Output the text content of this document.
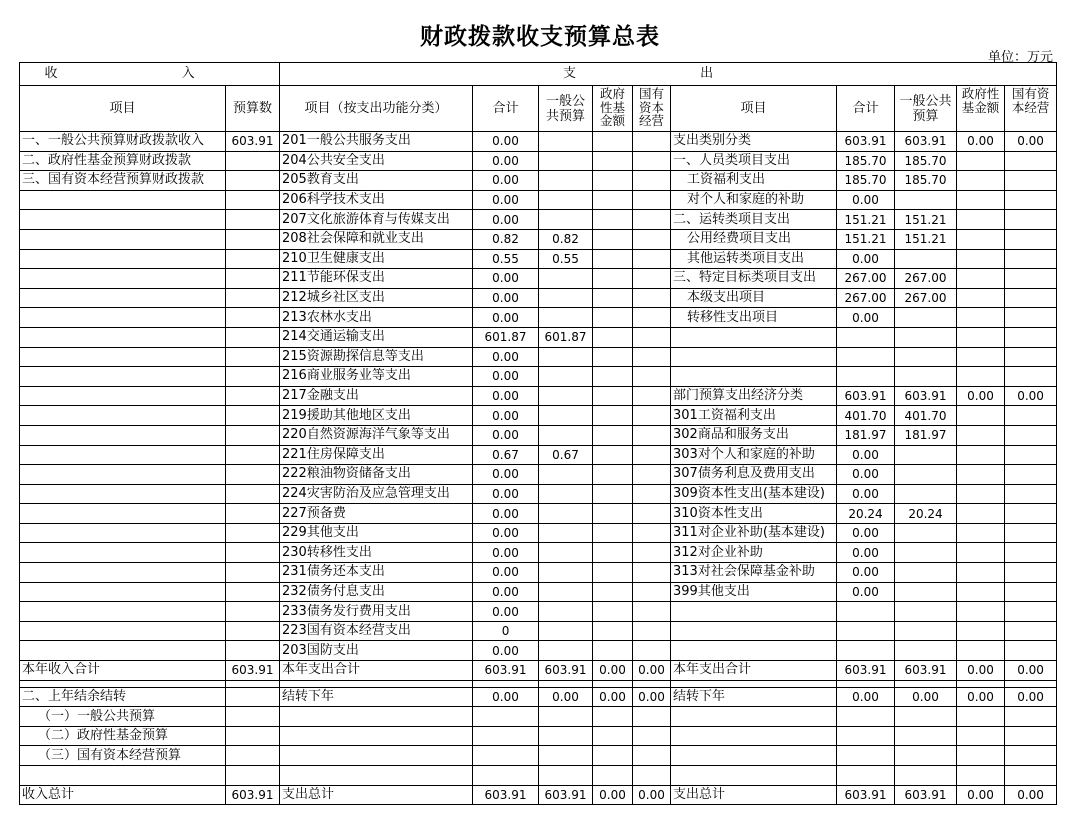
财政拨款收支预算总表
单位：万元
收 入		支 出									
项目	预算数	项目（按支出功能分类）	合计	一般公共预算	政府性基金额	国有资本经营	项目	合计	一般公共预算	政府性基金额	国有资本经营
一、一般公共预算财政拨款收入	603.91	201一般公共服务支出	0.00				支出类别分类	603.91	603.91	0.00	0.00
二、政府性基金预算财政拨款		204公共安全支出	0.00				一、人员类项目支出	185.70	185.70		
三、国有资本经营预算财政拨款		205教育支出	0.00				工资福利支出	185.70	185.70		
		206科学技术支出	0.00				对个人和家庭的补助	0.00			
		207文化旅游体育与传媒支出	0.00				二、运转类项目支出	151.21	151.21		
		208社会保障和就业支出	0.82	0.82			公用经费项目支出	151.21	151.21		
		210卫生健康支出	0.55	0.55			其他运转类项目支出	0.00			
		211节能环保支出	0.00				三、特定目标类项目支出	267.00	267.00		
		212城乡社区支出	0.00				本级支出项目	267.00	267.00		
		213农林水支出	0.00				转移性支出项目	0.00			
		214交通运输支出	601.87	601.87							
		215资源勘探信息等支出	0.00								
		216商业服务业等支出	0.00								
		217金融支出	0.00				部门预算支出经济分类	603.91	603.91	0.00	0.00
		219援助其他地区支出	0.00				301工资福利支出	401.70	401.70		
		220自然资源海洋气象等支出	0.00				302商品和服务支出	181.97	181.97		
		221住房保障支出	0.67	0.67			303对个人和家庭的补助	0.00			
		222粮油物资储备支出	0.00				307债务利息及费用支出	0.00			
		224灾害防治及应急管理支出	0.00				309资本性支出(基本建设)	0.00			
		227预备费	0.00				310资本性支出	20.24	20.24		
		229其他支出	0.00				311对企业补助(基本建设)	0.00			
		230转移性支出	0.00				312对企业补助	0.00			
		231债务还本支出	0.00				313对社会保障基金补助	0.00			
		232债务付息支出	0.00				399其他支出	0.00			
		233债务发行费用支出	0.00								
		223国有资本经营支出	0								
		203国防支出	0.00								
本年收入合计	603.91	本年支出合计	603.91	603.91	0.00	0.00	本年支出合计	603.91	603.91	0.00	0.00

二、上年结余结转		结转下年	0.00	0.00	0.00	0.00	结转下年	0.00	0.00	0.00	0.00
（一）一般公共预算											
（二）政府性基金预算											
（三）国有资本经营预算											

收入总计	603.91	支出总计	603.91	603.91	0.00	0.00	支出总计	603.91	603.91	0.00	0.00
